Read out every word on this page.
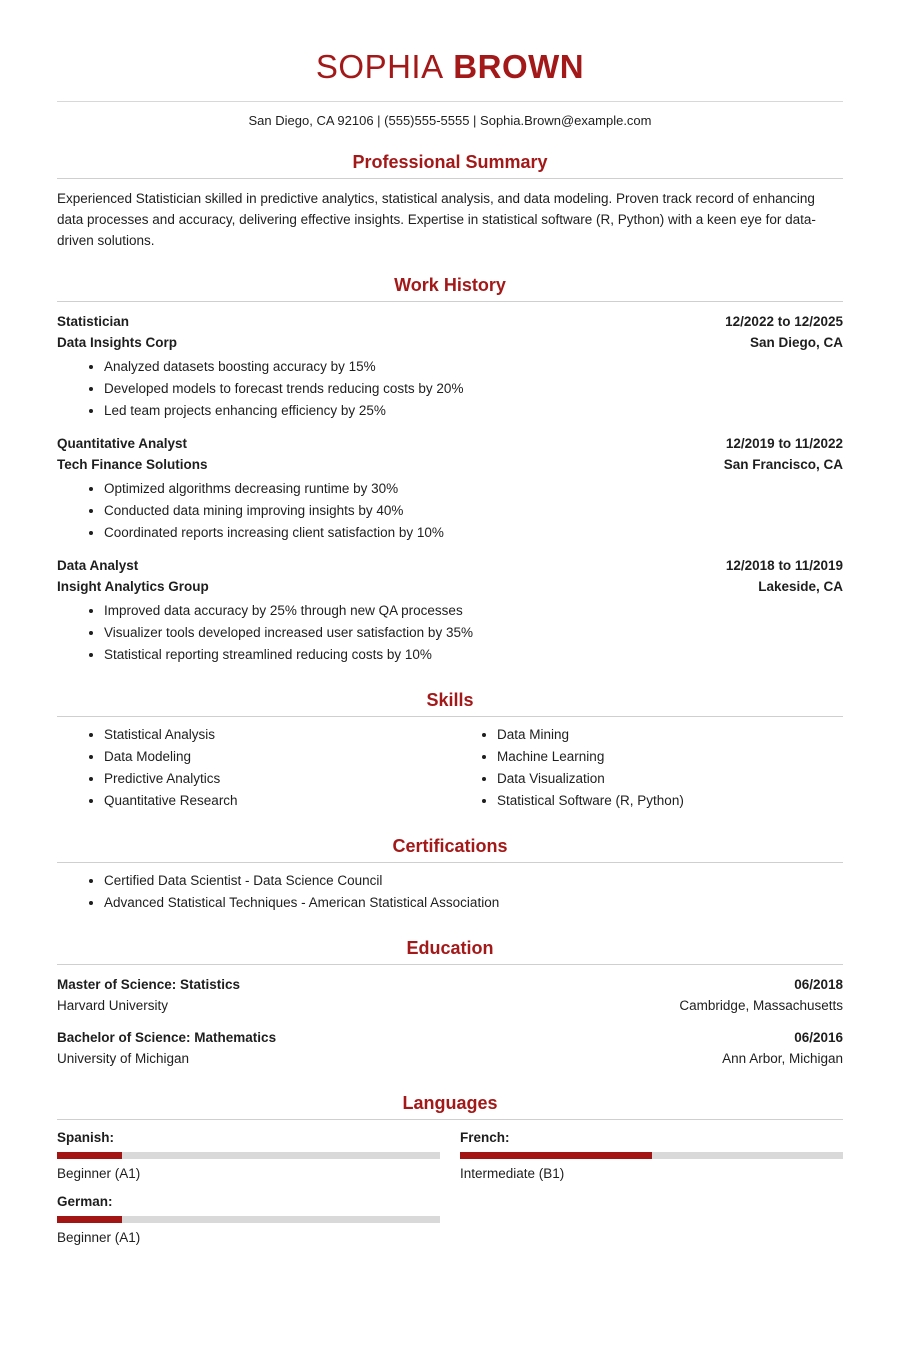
SOPHIA BROWN
San Diego, CA 92106 | (555)555-5555 | Sophia.Brown@example.com
Professional Summary

Experienced Statistician skilled in predictive analytics, statistical analysis, and data modeling. Proven track record of enhancing data processes and accuracy, delivering effective insights. Expertise in statistical software (R, Python) with a keen eye for data-driven solutions.

Work History
Statistician	12/2022 to 12/2025
Data Insights Corp	San Diego, CA
• Analyzed datasets boosting accuracy by 15%
• Developed models to forecast trends reducing costs by 20%
• Led team projects enhancing efficiency by 25%
Quantitative Analyst	12/2019 to 11/2022
Tech Finance Solutions	San Francisco, CA
• Optimized algorithms decreasing runtime by 30%
• Conducted data mining improving insights by 40%
• Coordinated reports increasing client satisfaction by 10%
Data Analyst	12/2018 to 11/2019
Insight Analytics Group	Lakeside, CA
• Improved data accuracy by 25% through new QA processes
• Visualizer tools developed increased user satisfaction by 35%
• Statistical reporting streamlined reducing costs by 10%
Skills
• Statistical Analysis
• Data Modeling
• Predictive Analytics
• Quantitative Research
• Data Mining
• Machine Learning
• Data Visualization
• Statistical Software (R, Python)
Certifications
• Certified Data Scientist - Data Science Council
• Advanced Statistical Techniques - American Statistical Association
Education
Master of Science: Statistics	06/2018
Harvard University	Cambridge, Massachusetts
Bachelor of Science: Mathematics	06/2016
University of Michigan	Ann Arbor, Michigan
Languages
Spanish:
Beginner (A1)
French:
Intermediate (B1)
German:
Beginner (A1)
